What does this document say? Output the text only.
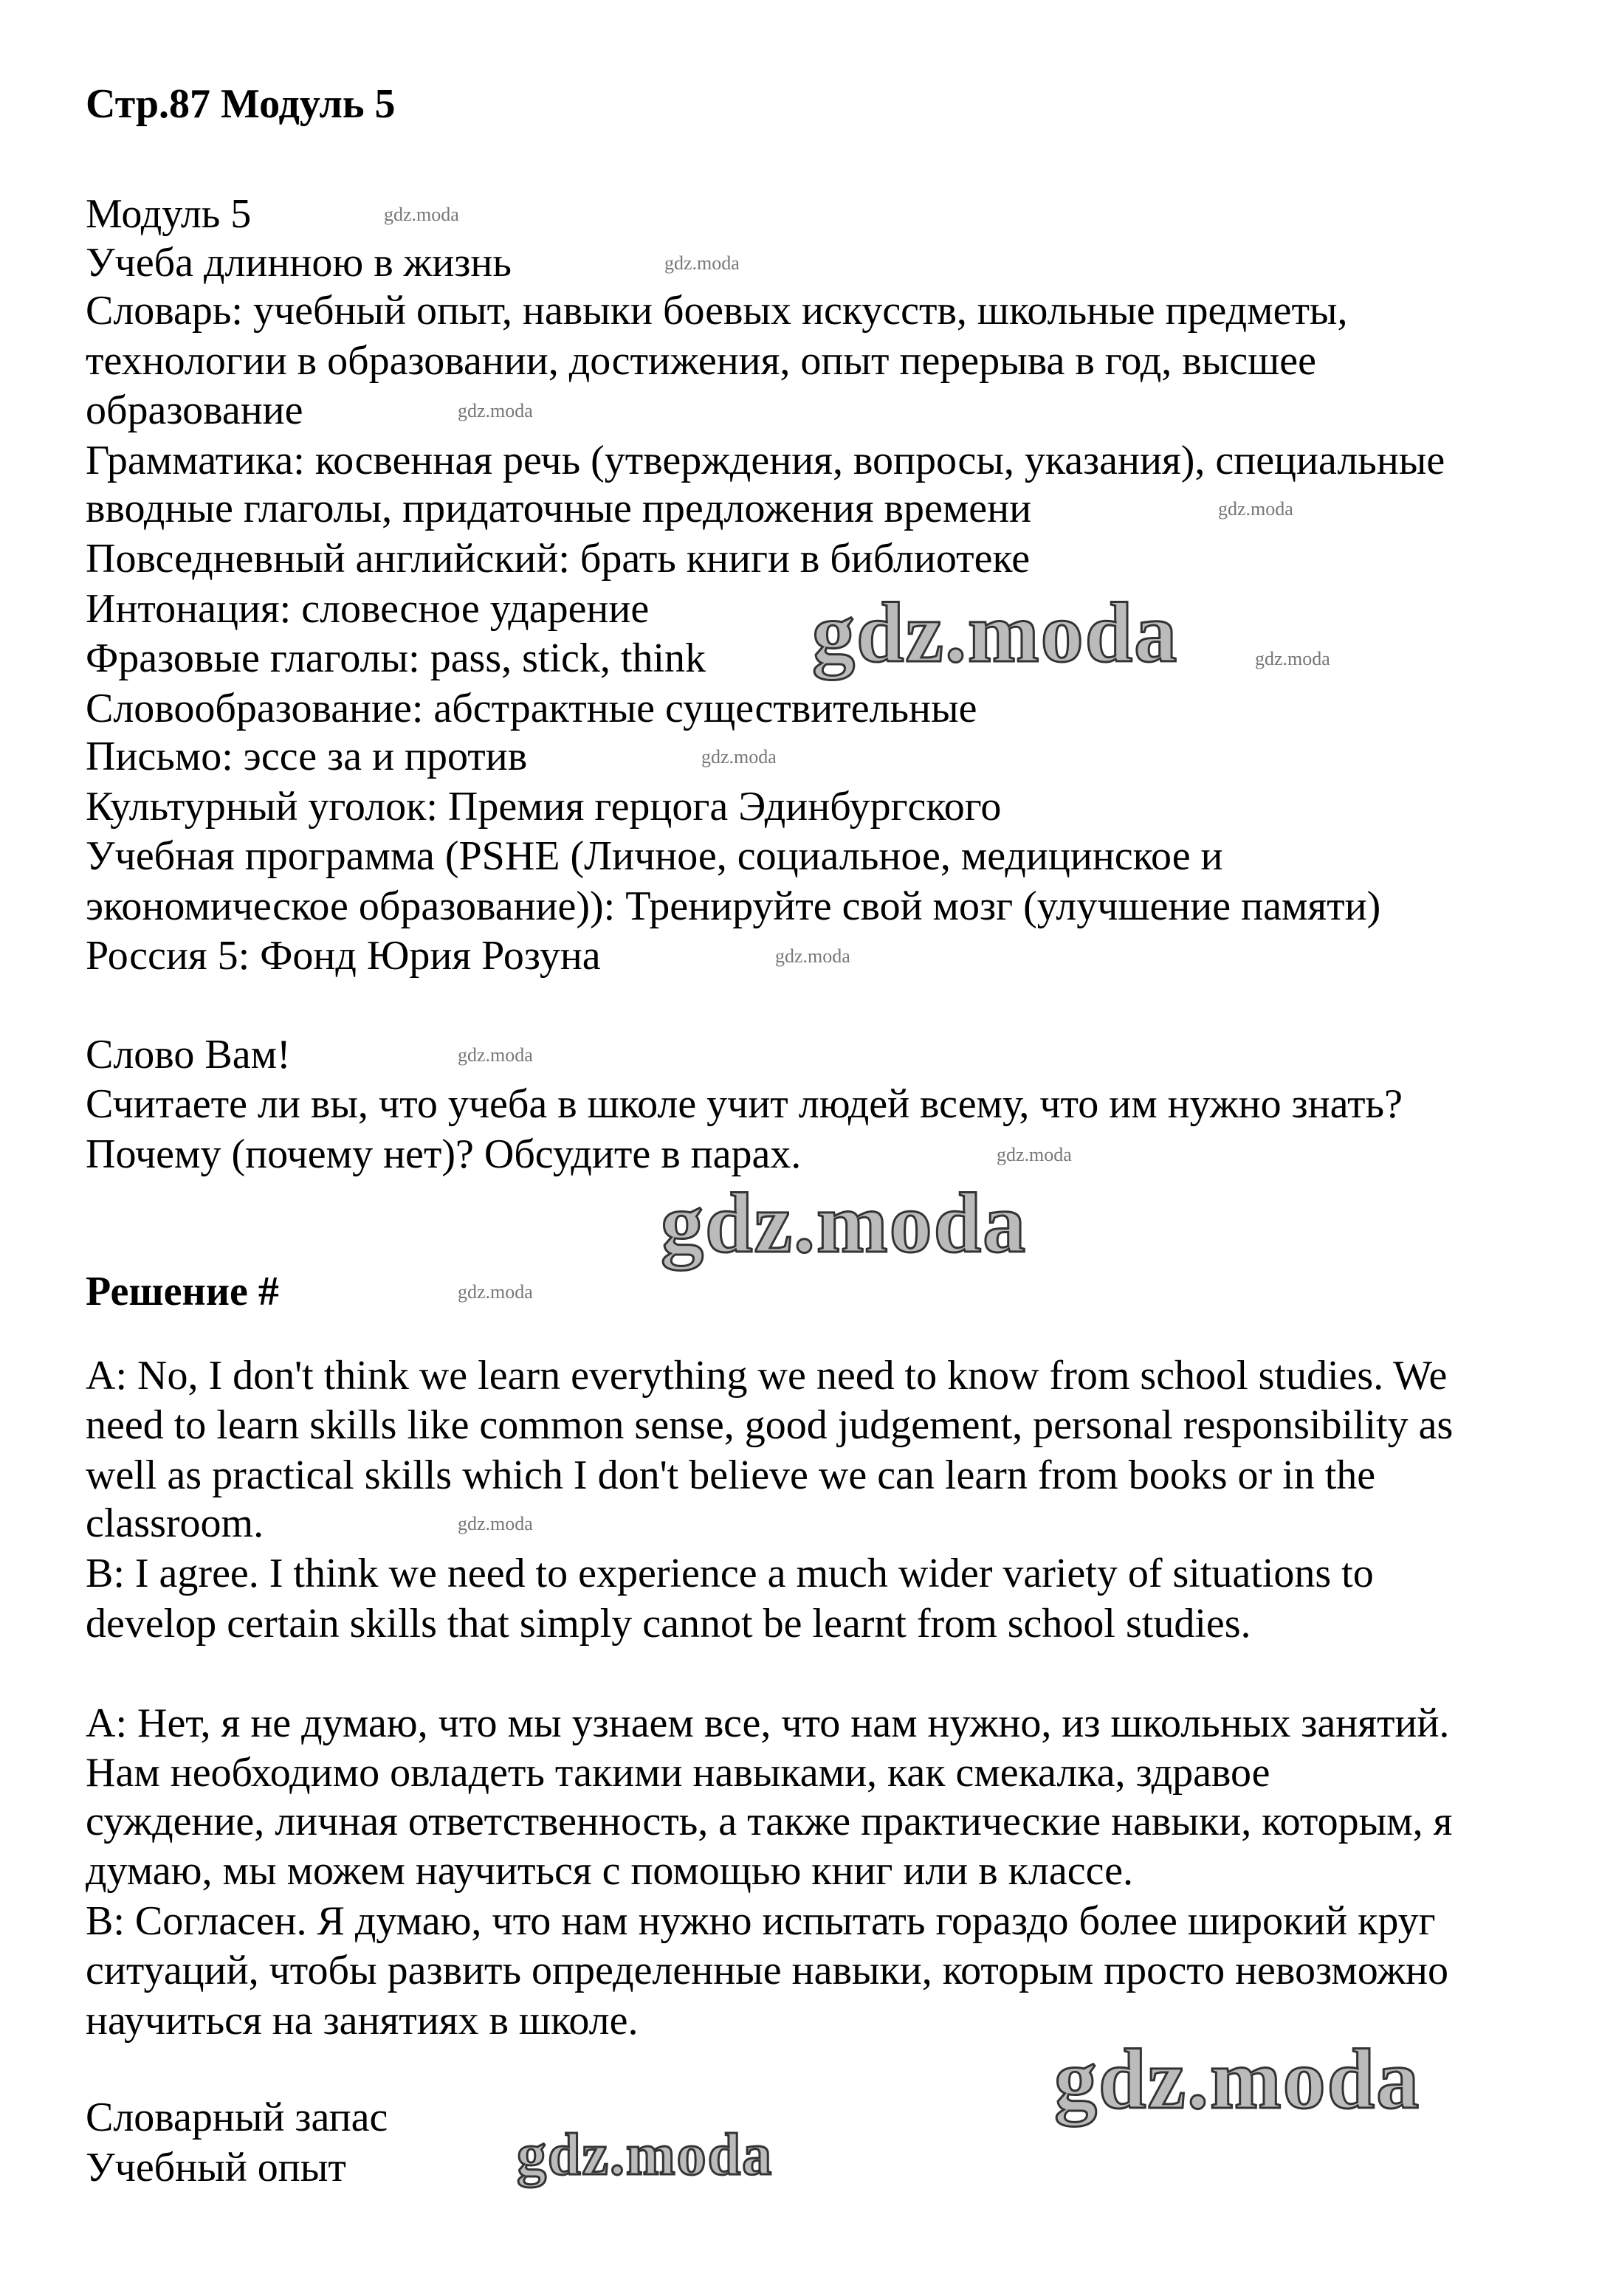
Стр.87 Модуль 5
gdz.moda
gdz.moda
gdz.moda
gdz.moda
gdz.moda
gdz.moda
gdz.moda
gdz.moda
gdz.moda
gdz.moda
gdz.moda
gdz.moda
gdz.moda
gdz.moda
gdz.moda
Модуль 5
Учеба длинною в жизнь
Словарь: учебный опыт, навыки боевых искусств, школьные предметы,
технологии в образовании, достижения, опыт перерыва в год, высшее
образование
Грамматика: косвенная речь (утверждения, вопросы, указания), специальные
вводные глаголы, придаточные предложения времени
Повседневный английский: брать книги в библиотеке
Интонация: словесное ударение
Фразовые глаголы: pass, stick, think
Словообразование: абстрактные существительные
Письмо: эссе за и против
Культурный уголок: Премия герцога Эдинбургского
Учебная программа (PSHE (Личное, социальное, медицинское и
экономическое образование)): Тренируйте свой мозг (улучшение памяти)
Россия 5: Фонд Юрия Розуна
Слово Вам!
Считаете ли вы, что учеба в школе учит людей всему, что им нужно знать?
Почему (почему нет)? Обсудите в парах.
Решение #
A: No, I don't think we learn everything we need to know from school studies. We
need to learn skills like common sense, good judgement, personal responsibility as
well as practical skills which I don't believe we can learn from books or in the
classroom.
B: I agree. I think we need to experience a much wider variety of situations to
develop certain skills that simply cannot be learnt from school studies.
A: Нет, я не думаю, что мы узнаем все, что нам нужно, из школьных занятий.
Нам необходимо овладеть такими навыками, как смекалка, здравое
суждение, личная ответственность, а также практические навыки, которым, я
думаю, мы можем научиться с помощью книг или в классе.
B: Согласен. Я думаю, что нам нужно испытать гораздо более широкий круг
ситуаций, чтобы развить определенные навыки, которым просто невозможно
научиться на занятиях в школе.
Словарный запас
Учебный опыт
